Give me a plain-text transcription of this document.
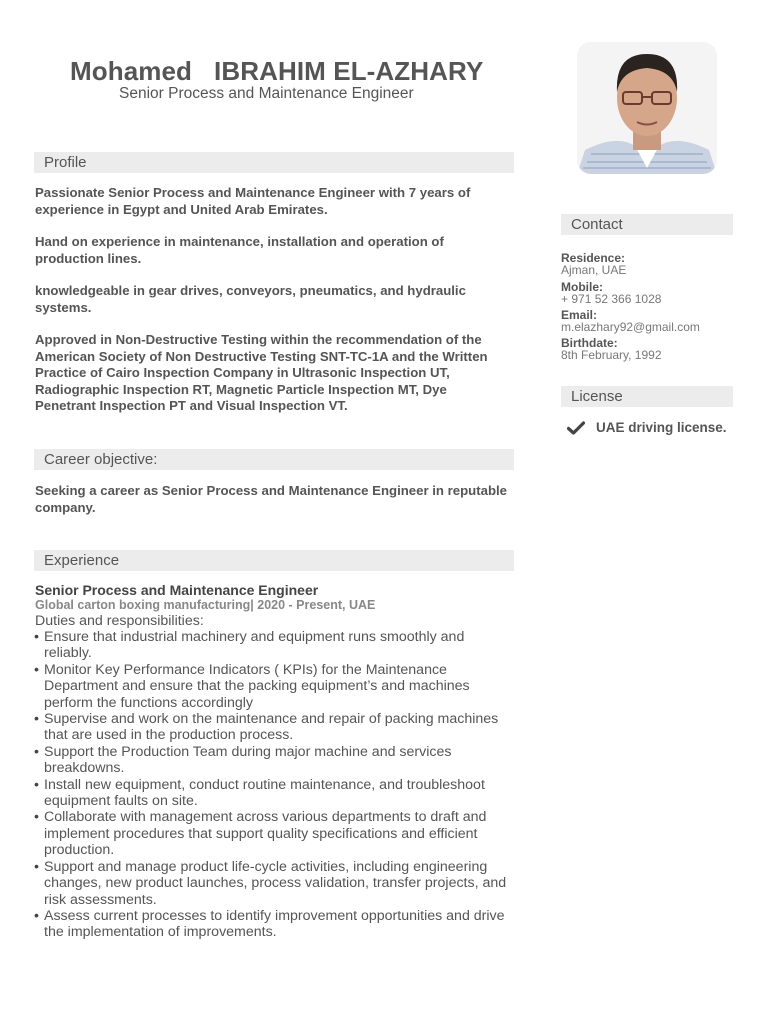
Mohamed   IBRAHIM EL-AZHARY
Senior Process and Maintenance Engineer
Profile

Passionate Senior Process and Maintenance Engineer with 7 years of experience in Egypt and United Arab Emirates.

Hand on experience in maintenance, installation and operation of production lines.

knowledgeable in gear drives, conveyors, pneumatics, and hydraulic systems.

Approved in Non-Destructive Testing within the recommendation of the American Society of Non Destructive Testing SNT-TC-1A and the Written Practice of Cairo Inspection Company in Ultrasonic Inspection UT, Radiographic Inspection RT, Magnetic Particle Inspection MT, Dye Penetrant Inspection PT and Visual Inspection VT.

Career objective:

Seeking a career as Senior Process and Maintenance Engineer in reputable company.

Experience
Senior Process and Maintenance Engineer
Global carton boxing manufacturing| 2020 - Present, UAE
Duties and responsibilities:
• Ensure that industrial machinery and equipment runs smoothly and reliably.
• Monitor Key Performance Indicators ( KPIs) for the Maintenance Department and ensure that the packing equipment’s and machines perform the functions accordingly
• Supervise and work on the maintenance and repair of packing machines that are used in the production process.
• Support the Production Team during major machine and services breakdowns.
• Install new equipment, conduct routine maintenance, and troubleshoot equipment faults on site.
• Collaborate with management across various departments to draft and implement procedures that support quality specifications and efficient production.
• Support and manage product life-cycle activities, including engineering changes, new product launches, process validation, transfer projects, and risk assessments.
• Assess current processes to identify improvement opportunities and drive the implementation of improvements.
Contact
Residence:
Ajman, UAE
Mobile:
+ 971 52 366 1028
Email:
m.elazhary92@gmail.com
Birthdate:
8th February, 1992
License
UAE driving license.
